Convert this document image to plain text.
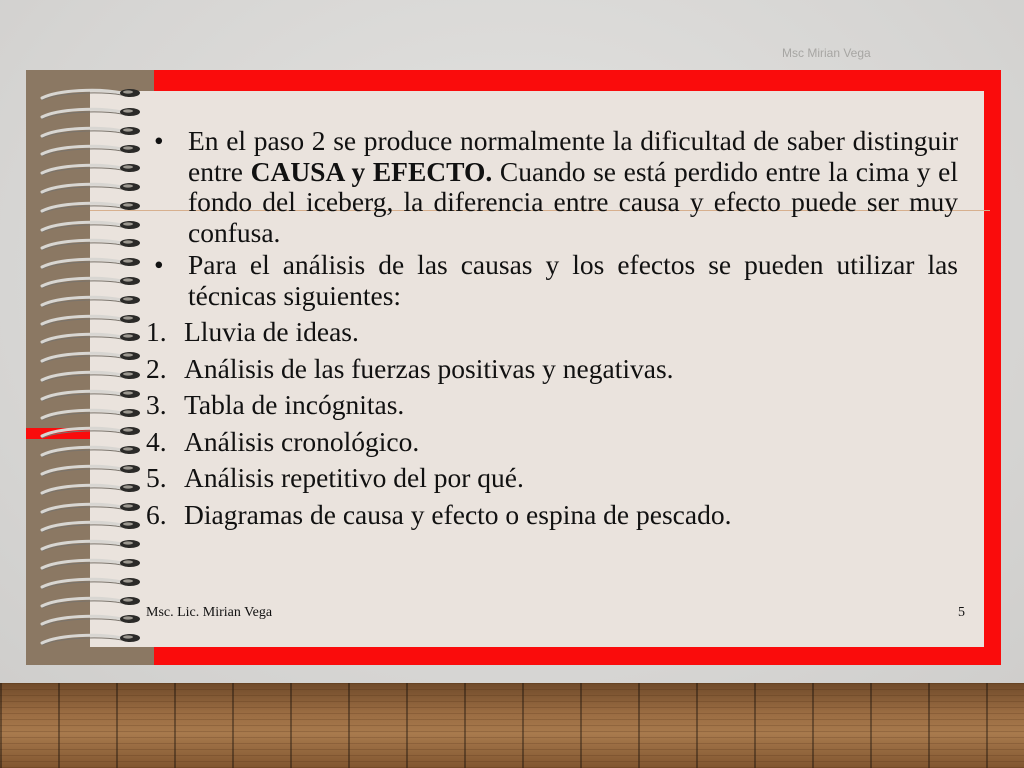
Msc Mirian Vega

• En el paso 2 se produce normalmente la dificultad de saber distinguir entre CAUSA y EFECTO. Cuando se está perdido entre la cima y el fondo del iceberg, la diferencia entre causa y efecto puede ser muy confusa.

• Para el análisis de las causas y los efectos se pueden utilizar las técnicas siguientes:

1. Lluvia de ideas.
2. Análisis de las fuerzas positivas y negativas.
3. Tabla de incógnitas.
4. Análisis cronológico.
5. Análisis repetitivo del por qué.
6. Diagramas de causa y efecto o espina de pescado.
Msc. Lic. Mirian Vega	5
